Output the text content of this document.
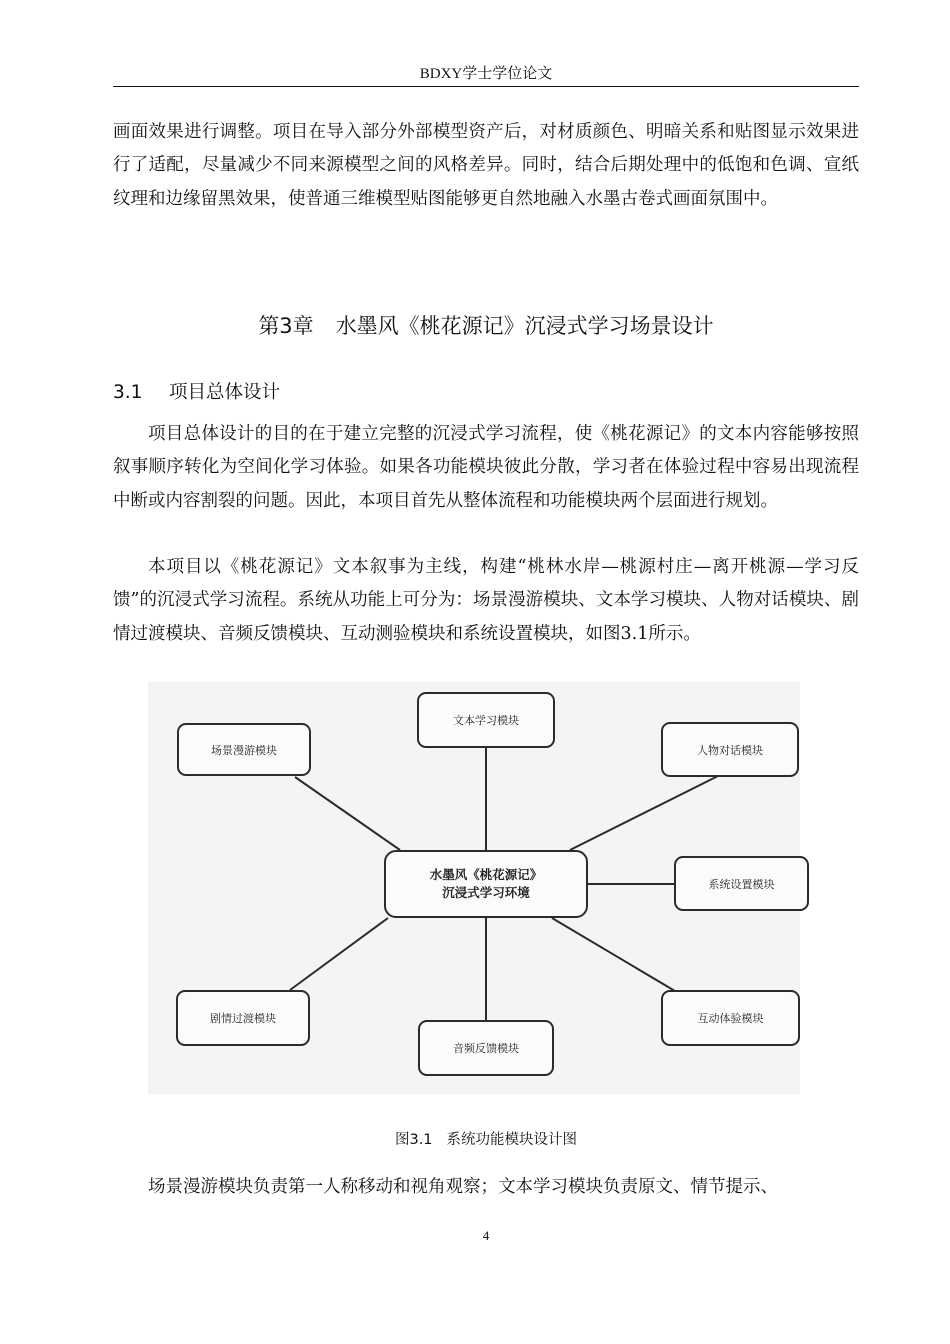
BDXY学士学位论文

画面效果进行调整。项目在导入部分外部模型资产后，对材质颜色、明暗关系和贴图显示效果进行了适配，尽量减少不同来源模型之间的风格差异。同时，结合后期处理中的低饱和色调、宣纸纹理和边缘留黑效果，使普通三维模型贴图能够更自然地融入水墨古卷式画面氛围中。

第3章 水墨风《桃花源记》沉浸式学习场景设计
3.1 项目总体设计

项目总体设计的目的在于建立完整的沉浸式学习流程，使《桃花源记》的文本内容能够按照叙事顺序转化为空间化学习体验。如果各功能模块彼此分散，学习者在体验过程中容易出现流程中断或内容割裂的问题。因此，本项目首先从整体流程和功能模块两个层面进行规划。

本项目以《桃花源记》文本叙事为主线，构建“桃林水岸—桃源村庄—离开桃源—学习反馈”的沉浸式学习流程。系统从功能上可分为：场景漫游模块、文本学习模块、人物对话模块、剧情过渡模块、音频反馈模块、互动测验模块和系统设置模块，如图3.1所示。

场景漫游模块
文本学习模块
人物对话模块
水墨风《桃花源记》
沉浸式学习环境
系统设置模块
剧情过渡模块
音频反馈模块
互动体验模块
图3.1 系统功能模块设计图

场景漫游模块负责第一人称移动和视角观察；文本学习模块负责原文、情节提示、

4
